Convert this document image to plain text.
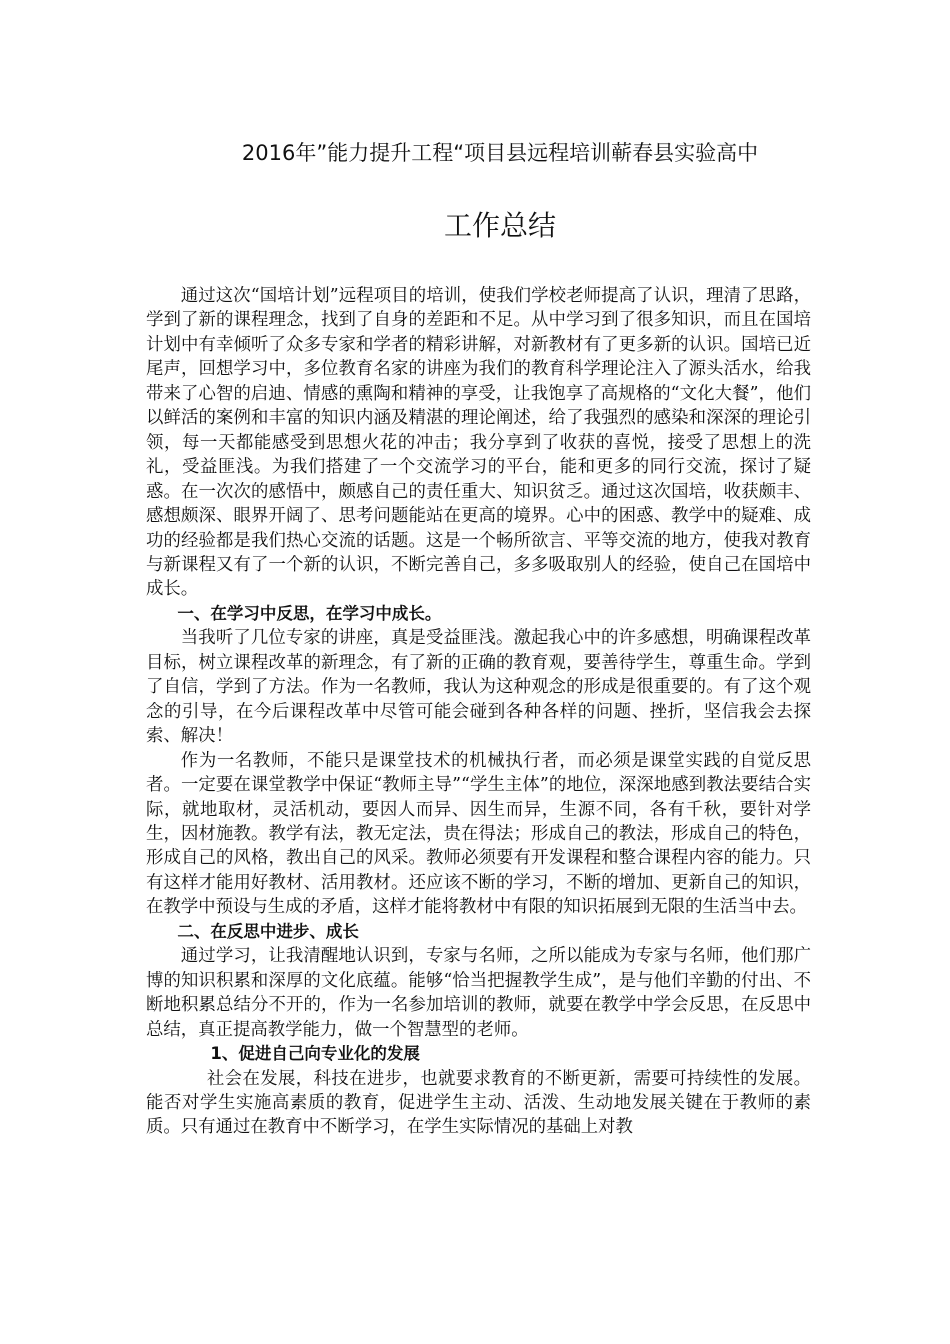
2016年”能力提升工程“项目县远程培训蕲春县实验高中
工作总结

通过这次“国培计划”远程项目的培训，使我们学校老师提高了认识，理清了思路，学到了新的课程理念，找到了自身的差距和不足。从中学习到了很多知识，而且在国培计划中有幸倾听了众多专家和学者的精彩讲解，对新教材有了更多新的认识。国培已近尾声，回想学习中，多位教育名家的讲座为我们的教育科学理论注入了源头活水，给我带来了心智的启迪、情感的熏陶和精神的享受，让我饱享了高规格的“文化大餐”，他们以鲜活的案例和丰富的知识内涵及精湛的理论阐述，给了我强烈的感染和深深的理论引领，每一天都能感受到思想火花的冲击；我分享到了收获的喜悦，接受了思想上的洗礼，受益匪浅。为我们搭建了一个交流学习的平台，能和更多的同行交流，探讨了疑惑。在一次次的感悟中，颇感自己的责任重大、知识贫乏。通过这次国培，收获颇丰、感想颇深、眼界开阔了、思考问题能站在更高的境界。心中的困惑、教学中的疑难、成功的经验都是我们热心交流的话题。这是一个畅所欲言、平等交流的地方，使我对教育与新课程又有了一个新的认识，不断完善自己，多多吸取别人的经验，使自己在国培中成长。

一、在学习中反思，在学习中成长。

当我听了几位专家的讲座，真是受益匪浅。激起我心中的许多感想，明确课程改革目标，树立课程改革的新理念，有了新的正确的教育观，要善待学生，尊重生命。学到了自信，学到了方法。作为一名教师，我认为这种观念的形成是很重要的。有了这个观念的引导，在今后课程改革中尽管可能会碰到各种各样的问题、挫折，坚信我会去探索、解决！

作为一名教师，不能只是课堂技术的机械执行者，而必须是课堂实践的自觉反思者。一定要在课堂教学中保证“教师主导”“学生主体”的地位，深深地感到教法要结合实际，就地取材，灵活机动，要因人而异、因生而异，生源不同，各有千秋，要针对学生，因材施教。教学有法，教无定法，贵在得法；形成自己的教法，形成自己的特色，形成自己的风格，教出自己的风采。教师必须要有开发课程和整合课程内容的能力。只有这样才能用好教材、活用教材。还应该不断的学习，不断的增加、更新自己的知识，在教学中预设与生成的矛盾，这样才能将教材中有限的知识拓展到无限的生活当中去。

二、在反思中进步、成长

通过学习，让我清醒地认识到，专家与名师，之所以能成为专家与名师，他们那广博的知识积累和深厚的文化底蕴。能够“恰当把握教学生成”，是与他们辛勤的付出、不断地积累总结分不开的，作为一名参加培训的教师，就要在教学中学会反思，在反思中总结，真正提高教学能力，做一个智慧型的老师。

1、促进自己向专业化的发展

社会在发展，科技在进步，也就要求教育的不断更新，需要可持续性的发展。能否对学生实施高素质的教育，促进学生主动、活泼、生动地发展关键在于教师的素质。只有通过在教育中不断学习，在学生实际情况的基础上对教
